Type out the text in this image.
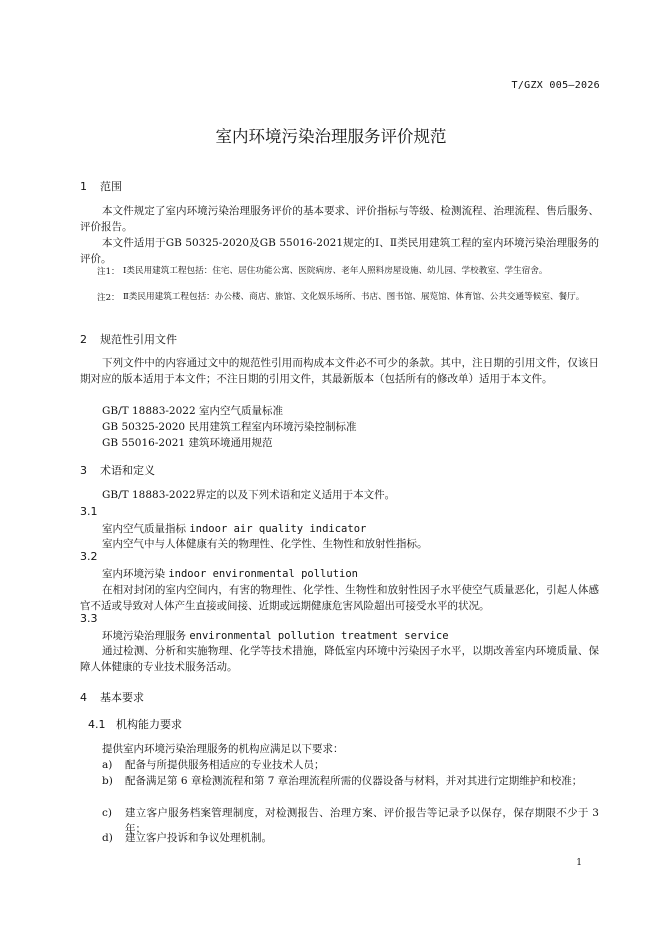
T/GZX 005—2026
室内环境污染治理服务评价规范
1 范围
本文件规定了室内环境污染治理服务评价的基本要求、评价指标与等级、检测流程、治理流程、售后服务、评价报告。
本文件适用于GB 50325-2020及GB 55016-2021规定的Ⅰ、Ⅱ类民用建筑工程的室内环境污染治理服务的评价。
注1： Ⅰ类民用建筑工程包括：住宅、居住功能公寓、医院病房、老年人照料房屋设施、幼儿园、学校教室、学生宿舍。
注2： Ⅱ类民用建筑工程包括：办公楼、商店、旅馆、文化娱乐场所、书店、图书馆、展览馆、体育馆、公共交通等候室、餐厅。
2 规范性引用文件
下列文件中的内容通过文中的规范性引用而构成本文件必不可少的条款。其中，注日期的引用文件，仅该日期对应的版本适用于本文件；不注日期的引用文件，其最新版本（包括所有的修改单）适用于本文件。
GB/T 18883-2022 室内空气质量标准
GB 50325-2020 民用建筑工程室内环境污染控制标准
GB 55016-2021 建筑环境通用规范
3 术语和定义
GB/T 18883-2022界定的以及下列术语和定义适用于本文件。
3.1
室内空气质量指标 indoor air quality indicator
室内空气中与人体健康有关的物理性、化学性、生物性和放射性指标。
3.2
室内环境污染 indoor environmental pollution
在相对封闭的室内空间内，有害的物理性、化学性、生物性和放射性因子水平使空气质量恶化，引起人体感官不适或导致对人体产生直接或间接、近期或远期健康危害风险超出可接受水平的状况。
3.3
环境污染治理服务 environmental pollution treatment service
通过检测、分析和实施物理、化学等技术措施，降低室内环境中污染因子水平，以期改善室内环境质量、保障人体健康的专业技术服务活动。
4 基本要求
4.1 机构能力要求
提供室内环境污染治理服务的机构应满足以下要求：
a) 配备与所提供服务相适应的专业技术人员；
b) 配备满足第 6 章检测流程和第 7 章治理流程所需的仪器设备与材料，并对其进行定期维护和校准；
c) 建立客户服务档案管理制度，对检测报告、治理方案、评价报告等记录予以保存，保存期限不少于 3 年；
d) 建立客户投诉和争议处理机制。
1
